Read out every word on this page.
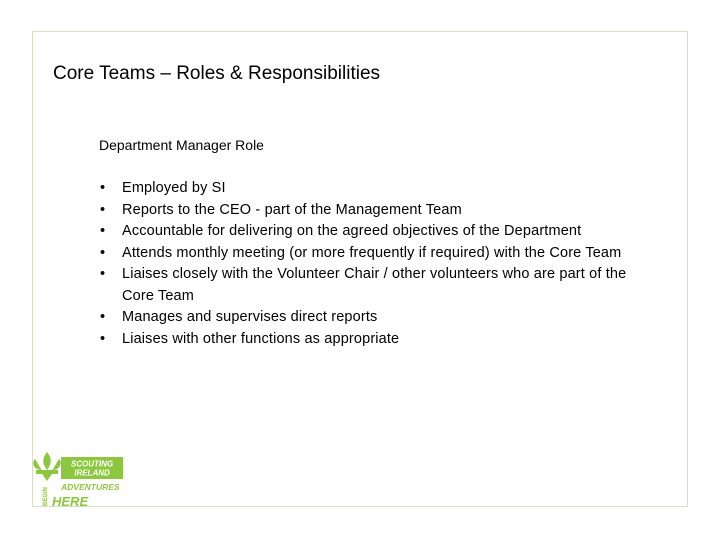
Core Teams – Roles & Responsibilities
Department Manager Role
• Employed by SI
• Reports to the CEO - part of the Management Team
• Accountable for delivering on the agreed objectives of the Department
• Attends monthly meeting (or more frequently if required) with the Core Team
• Liaises closely with the Volunteer Chair / other volunteers who are part of the Core Team
• Manages and supervises direct reports
• Liaises with other functions as appropriate
SCOUTING
IRELAND
ADVENTURES
BEGIN HERE
